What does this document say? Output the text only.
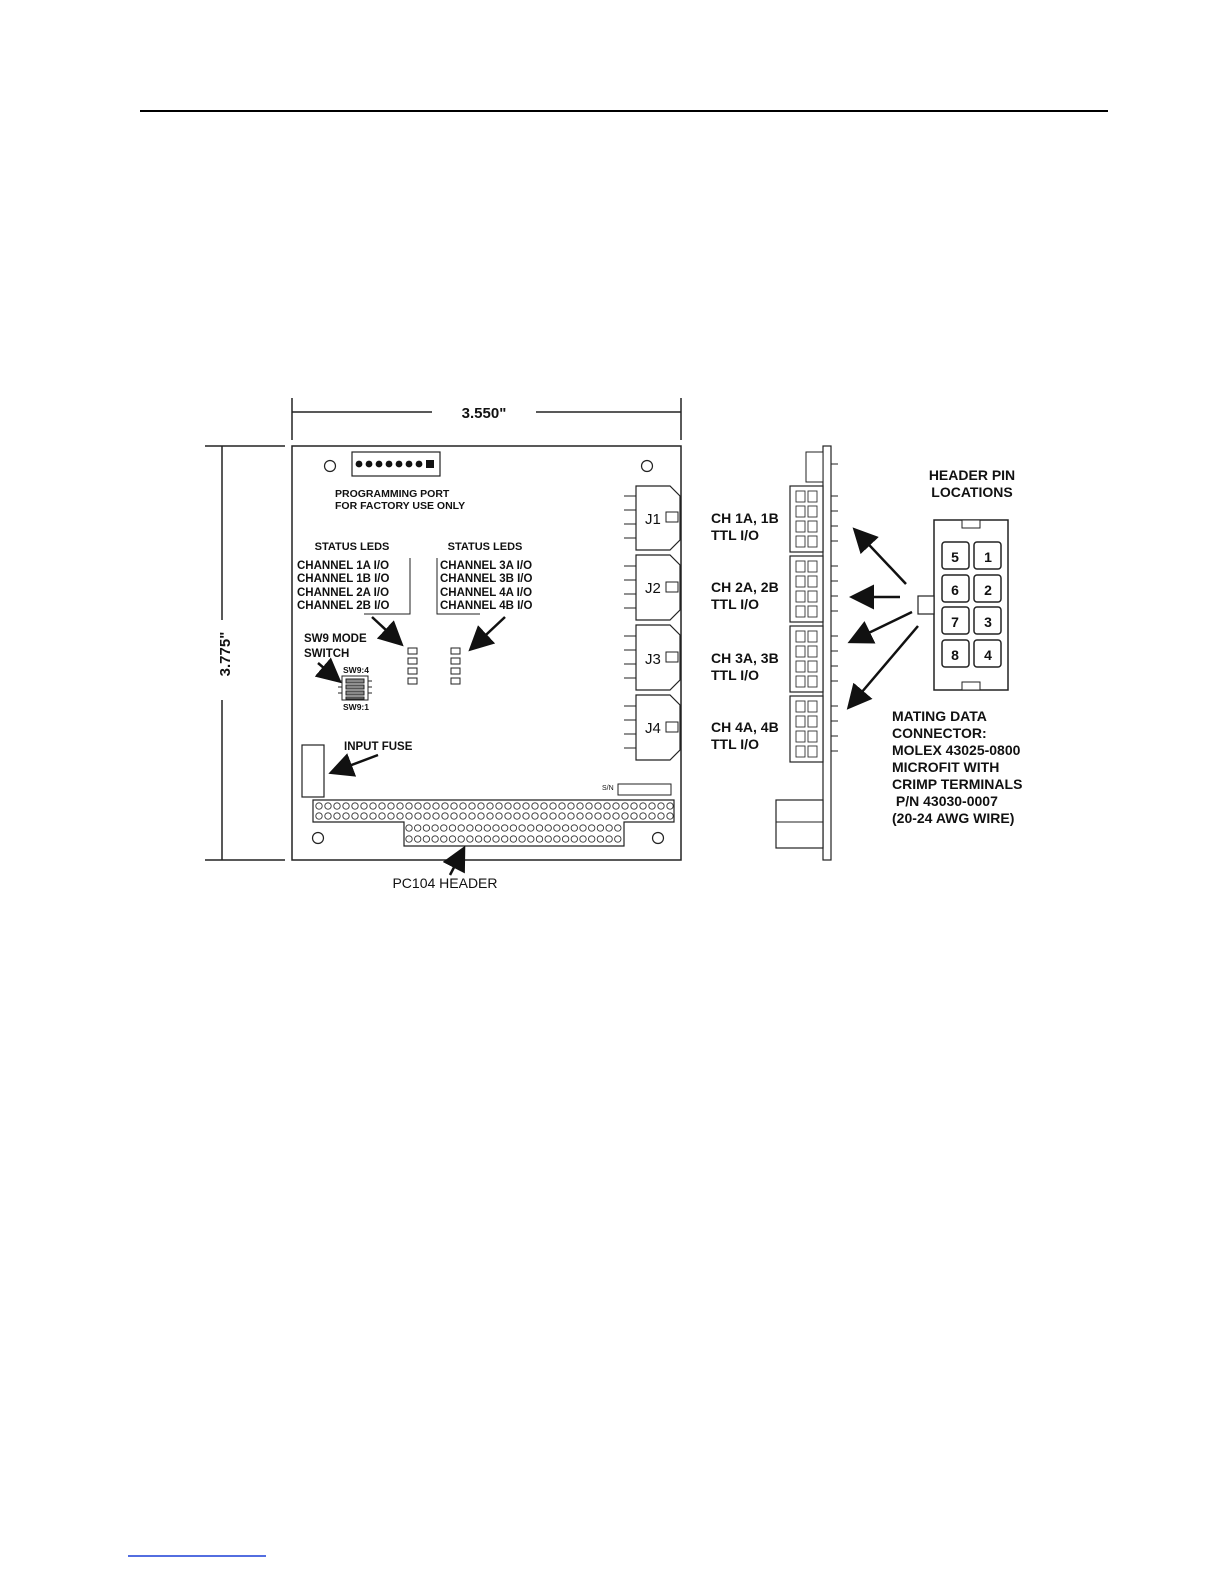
3.550"
3.775"
PROGRAMMING PORT
FOR FACTORY USE ONLY
STATUS LEDS
CHANNEL 1A I/O
CHANNEL 1B I/O
CHANNEL 2A I/O
CHANNEL 2B I/O
STATUS LEDS
CHANNEL 3A I/O
CHANNEL 3B I/O
CHANNEL 4A I/O
CHANNEL 4B I/O
SW9 MODE
SWITCH
SW9:4
SW9:1
INPUT FUSE
S/N
PC104 HEADER
J1
J2
J3
J4
CH 1A, 1B
TTL I/O
CH 2A, 2B
TTL I/O
CH 3A, 3B
TTL I/O
CH 4A, 4B
TTL I/O
HEADER PIN
LOCATIONS
5
6
7
8
1
2
3
4
MATING DATA
CONNECTOR:
MOLEX 43025-0800
MICROFIT WITH
CRIMP TERMINALS
P/N 43030-0007
(20-24 AWG WIRE)
